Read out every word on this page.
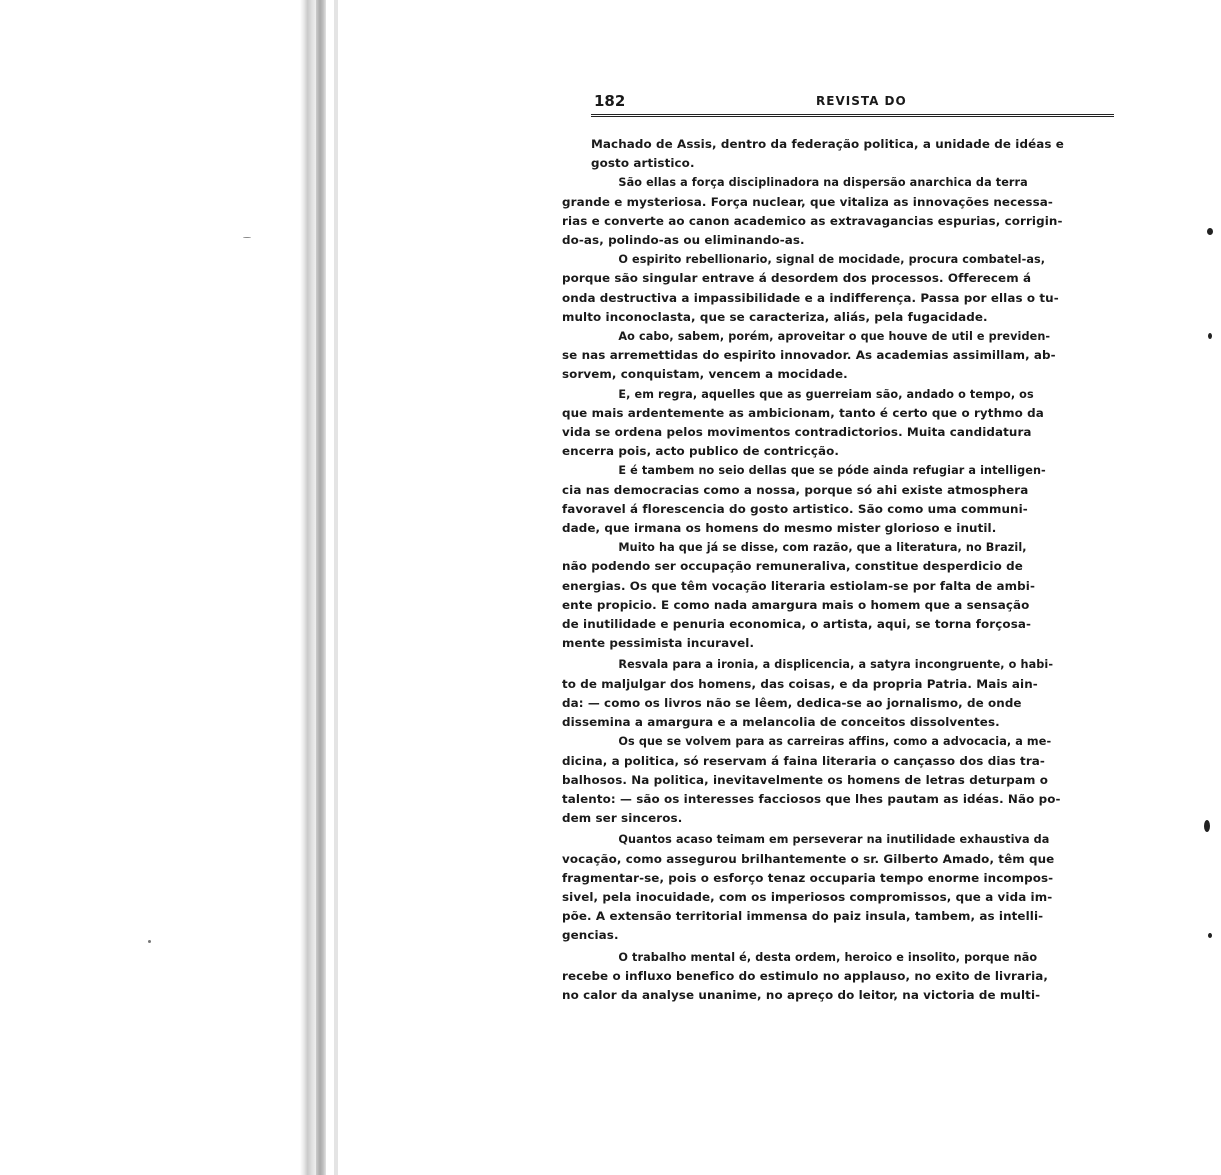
182	REVISTA DO

Machado de Assis, dentro da federação politica, a unidade de idéas e
gosto artistico.

São ellas a força disciplinadora na dispersão anarchica da terra
grande e mysteriosa. Força nuclear, que vitaliza as innovações necessa-
rias e converte ao canon academico as extravagancias espurias, corrigin-
do-as, polindo-as ou eliminando-as.

O espirito rebellionario, signal de mocidade, procura combatel-as,
porque são singular entrave á desordem dos processos. Offerecem á
onda destructiva a impassibilidade e a indifferença. Passa por ellas o tu-
multo inconoclasta, que se caracteriza, aliás, pela fugacidade.

Ao cabo, sabem, porém, aproveitar o que houve de util e previden-
se nas arremettidas do espirito innovador. As academias assimillam, ab-
sorvem, conquistam, vencem a mocidade.

E, em regra, aquelles que as guerreiam são, andado o tempo, os
que mais ardentemente as ambicionam, tanto é certo que o rythmo da
vida se ordena pelos movimentos contradictorios. Muita candidatura
encerra pois, acto publico de contricção.

E é tambem no seio dellas que se póde ainda refugiar a intelligen-
cia nas democracias como a nossa, porque só ahi existe atmosphera
favoravel á florescencia do gosto artistico. São como uma communi-
dade, que irmana os homens do mesmo mister glorioso e inutil.

Muito ha que já se disse, com razão, que a literatura, no Brazil,
não podendo ser occupação remuneraliva, constitue desperdicio de
energias. Os que têm vocação literaria estiolam-se por falta de ambi-
ente propicio. E como nada amargura mais o homem que a sensação
de inutilidade e penuria economica, o artista, aqui, se torna forçosa-
mente pessimista incuravel.

Resvala para a ironia, a displicencia, a satyra incongruente, o habi-
to de maljulgar dos homens, das coisas, e da propria Patria. Mais ain-
da: — como os livros não se lêem, dedica-se ao jornalismo, de onde
dissemina a amargura e a melancolia de conceitos dissolventes.

Os que se volvem para as carreiras affins, como a advocacia, a me-
dicina, a politica, só reservam á faina literaria o cançasso dos dias tra-
balhosos. Na politica, inevitavelmente os homens de letras deturpam o
talento: — são os interesses facciosos que lhes pautam as idéas. Não po-
dem ser sinceros.

Quantos acaso teimam em perseverar na inutilidade exhaustiva da
vocação, como assegurou brilhantemente o sr. Gilberto Amado, têm que
fragmentar-se, pois o esforço tenaz occuparia tempo enorme incompos-
sivel, pela inocuidade, com os imperiosos compromissos, que a vida im-
põe. A extensão territorial immensa do paiz insula, tambem, as intelli-
gencias.

O trabalho mental é, desta ordem, heroico e insolito, porque não
recebe o influxo benefico do estimulo no applauso, no exito de livraria,
no calor da analyse unanime, no apreço do leitor, na victoria de multi-
